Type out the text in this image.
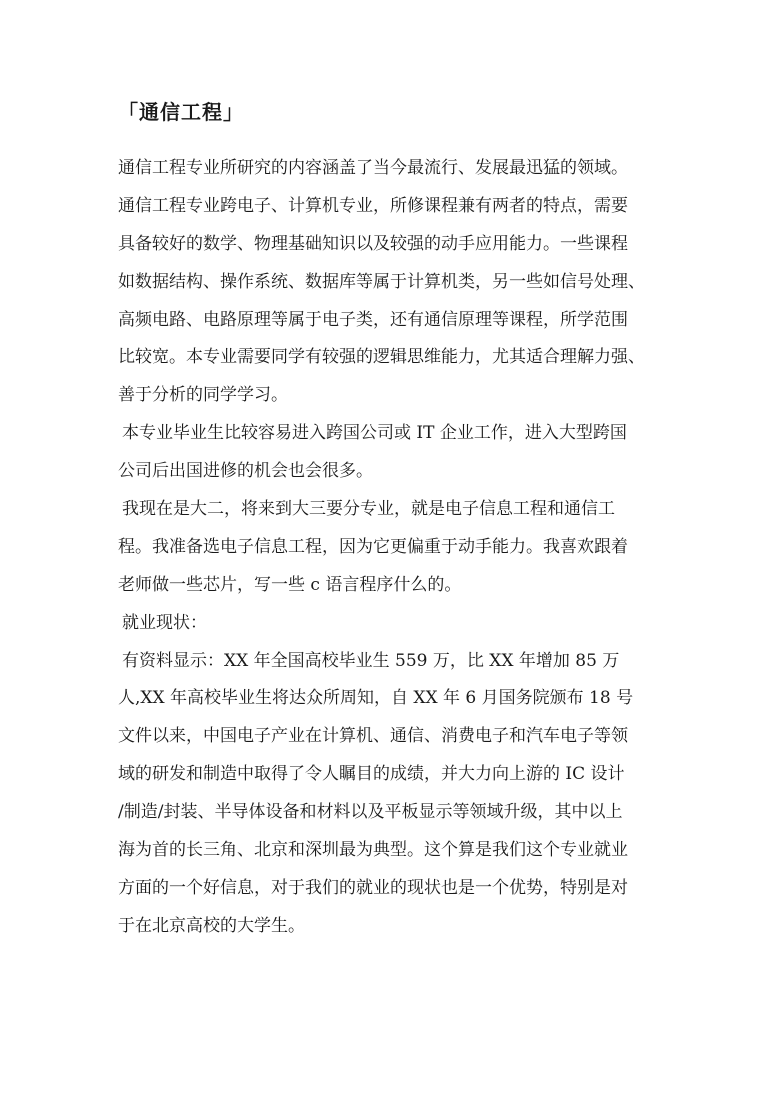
「通信工程」
通信工程专业所研究的内容涵盖了当今最流行、发展最迅猛的领域。
通信工程专业跨电子、计算机专业，所修课程兼有两者的特点，需要
具备较好的数学、物理基础知识以及较强的动手应用能力。一些课程
如数据结构、操作系统、数据库等属于计算机类，另一些如信号处理、
高频电路、电路原理等属于电子类，还有通信原理等课程，所学范围
比较宽。本专业需要同学有较强的逻辑思维能力，尤其适合理解力强、
善于分析的同学学习。
本专业毕业生比较容易进入跨国公司或 IT 企业工作，进入大型跨国
公司后出国进修的机会也会很多。
我现在是大二，将来到大三要分专业，就是电子信息工程和通信工
程。我准备选电子信息工程，因为它更偏重于动手能力。我喜欢跟着
老师做一些芯片，写一些 c 语言程序什么的。
就业现状：
有资料显示：XX 年全国高校毕业生 559 万，比 XX 年增加 85 万
人,XX 年高校毕业生将达众所周知，自 XX 年 6 月国务院颁布 18 号
文件以来，中国电子产业在计算机、通信、消费电子和汽车电子等领
域的研发和制造中取得了令人瞩目的成绩，并大力向上游的 IC 设计
/制造/封装、半导体设备和材料以及平板显示等领域升级，其中以上
海为首的长三角、北京和深圳最为典型。这个算是我们这个专业就业
方面的一个好信息，对于我们的就业的现状也是一个优势，特别是对
于在北京高校的大学生。
